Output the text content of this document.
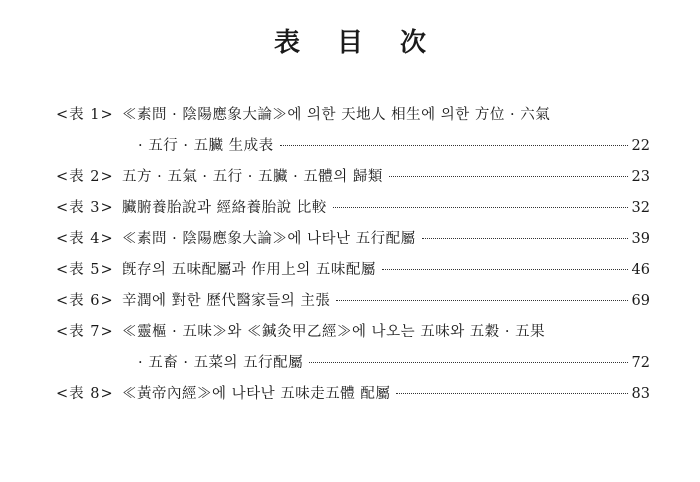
表 目 次
<表 1> ≪素問 · 陰陽應象大論≫에 의한 天地人 相生에 의한 方位 · 六氣
· 五行 · 五臟 生成表	22
<表 2> 五方 · 五氣 · 五行 · 五臟 · 五體의 歸類	23
<表 3> 臟腑養胎說과 經絡養胎說 比較	32
<表 4> ≪素問 · 陰陽應象大論≫에 나타난 五行配屬	39
<表 5> 旣存의 五味配屬과 作用上의 五味配屬	46
<表 6> 辛潤에 對한 歷代醫家들의 主張	69
<表 7> ≪靈樞 · 五味≫와 ≪鍼灸甲乙經≫에 나오는 五味와 五穀 · 五果
· 五畜 · 五菜의 五行配屬	72
<表 8> ≪黃帝內經≫에 나타난 五味走五體 配屬	83
